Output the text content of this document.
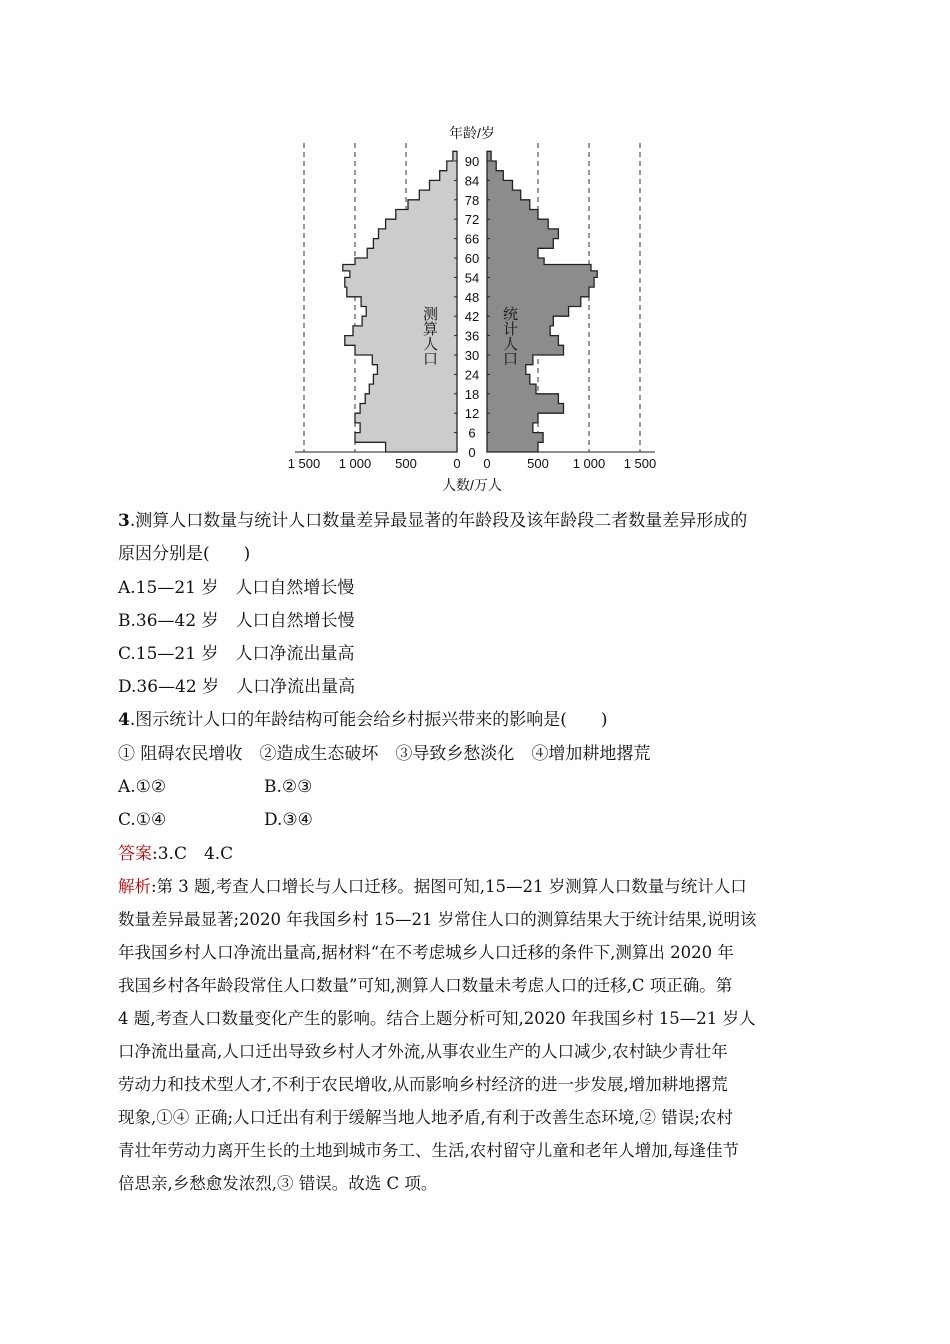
90
84
78
72
66
60
54
48
42
36
30
24
18
12
6
0
1 500 1 000 500	0 0	500 1 000 1 500
年龄/岁
人数/万人
测算人口	统计人口
3.测算人口数量与统计人口数量差异最显著的年龄段及该年龄段二者数量差异形成的
原因分别是(　　)
A.15—21 岁　人口自然增长慢
B.36—42 岁　人口自然增长慢
C.15—21 岁　人口净流出量高
D.36—42 岁　人口净流出量高
4.图示统计人口的年龄结构可能会给乡村振兴带来的影响是(　　)
① 阻碍农民增收　②造成生态破坏　③导致乡愁淡化　④增加耕地撂荒
A.①②	B.②③
C.①④	D.③④
答案:3.C　4.C
解析:第 3 题,考查人口增长与人口迁移。据图可知,15—21 岁测算人口数量与统计人口
数量差异最显著;2020 年我国乡村 15—21 岁常住人口的测算结果大于统计结果,说明该
年我国乡村人口净流出量高,据材料“在不考虑城乡人口迁移的条件下,测算出 2020 年
我国乡村各年龄段常住人口数量”可知,测算人口数量未考虑人口的迁移,C 项正确。第
4 题,考查人口数量变化产生的影响。结合上题分析可知,2020 年我国乡村 15—21 岁人
口净流出量高,人口迁出导致乡村人才外流,从事农业生产的人口减少,农村缺少青壮年
劳动力和技术型人才,不利于农民增收,从而影响乡村经济的进一步发展,增加耕地撂荒
现象,①④ 正确;人口迁出有利于缓解当地人地矛盾,有利于改善生态环境,② 错误;农村
青壮年劳动力离开生长的土地到城市务工、生活,农村留守儿童和老年人增加,每逢佳节
倍思亲,乡愁愈发浓烈,③ 错误。故选 C 项。
